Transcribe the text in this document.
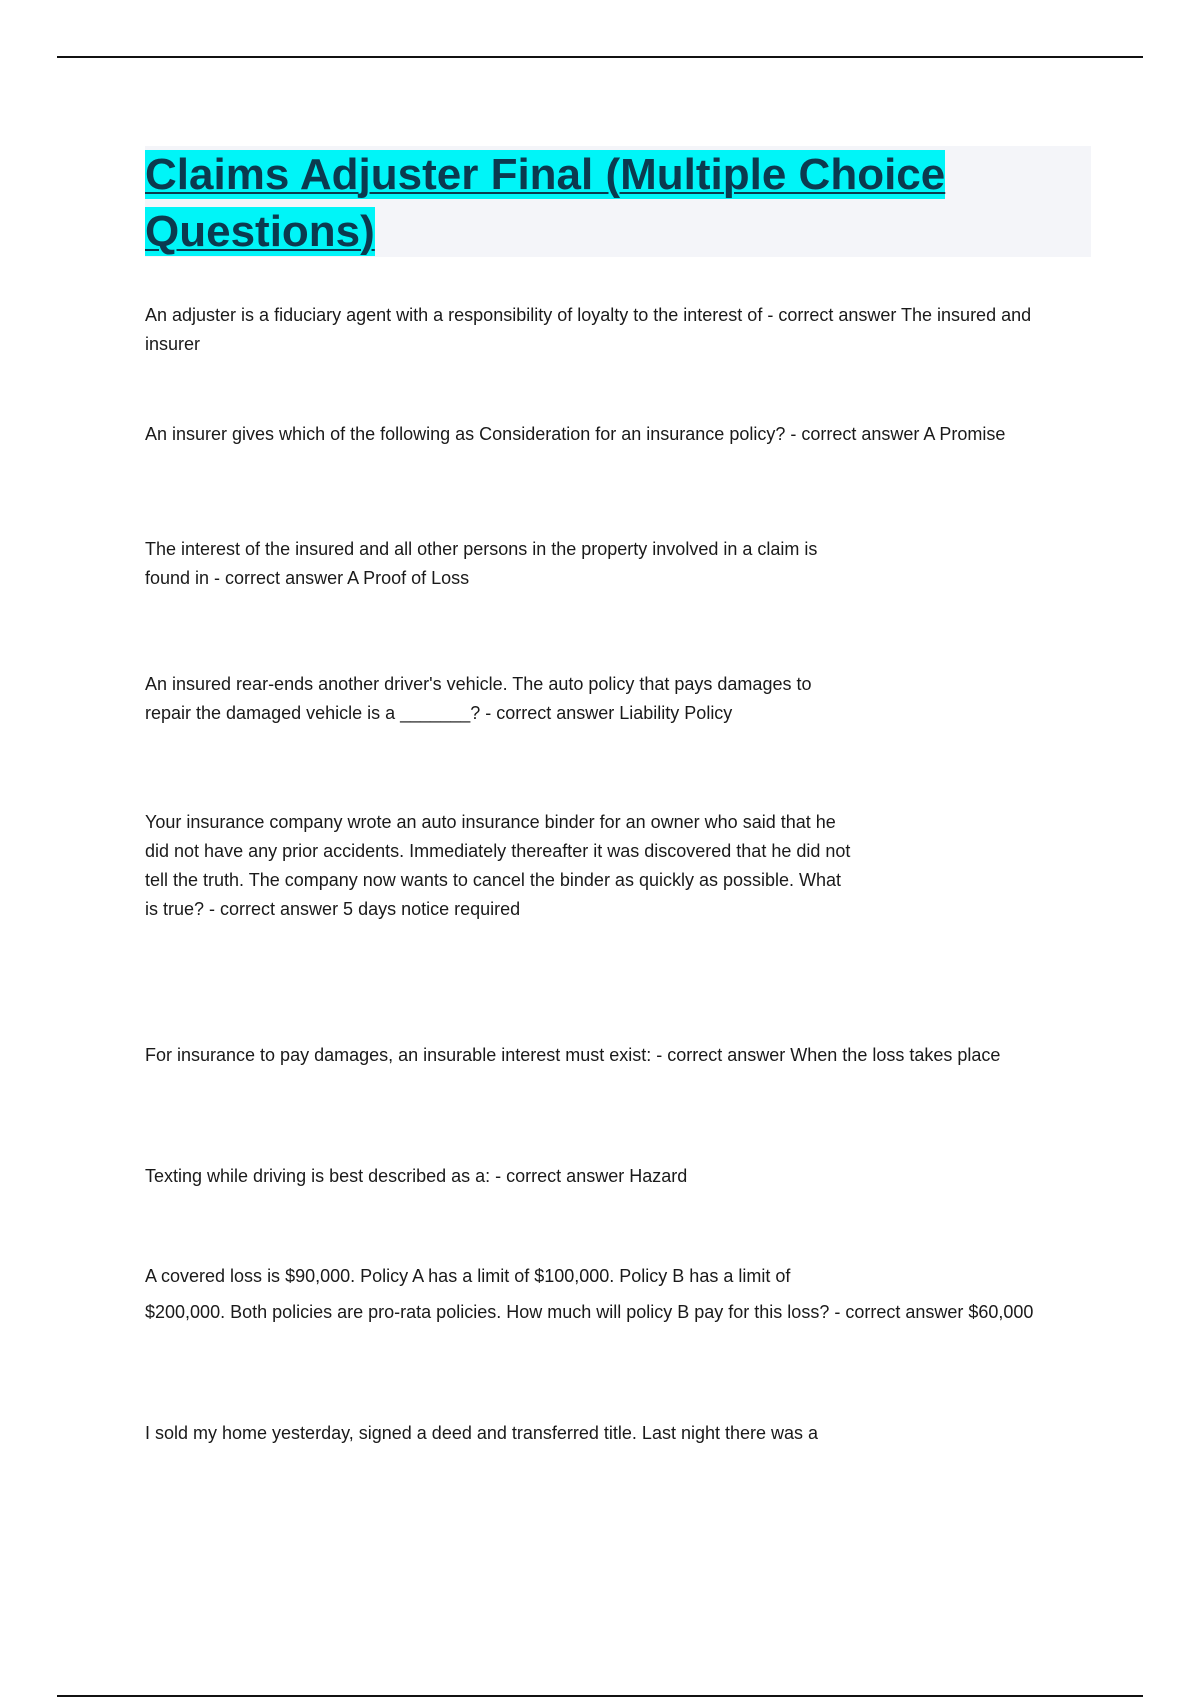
Claims Adjuster Final (Multiple Choice Questions)
An adjuster is a fiduciary agent with a responsibility of loyalty to the interest of - correct answer The insured and insurer
An insurer gives which of the following as Consideration for an insurance policy? - correct answer A Promise
The interest of the insured and all other persons in the property involved in a claim is
found in - correct answer A Proof of Loss
An insured rear-ends another driver's vehicle. The auto policy that pays damages to
repair the damaged vehicle is a _______? - correct answer Liability Policy
Your insurance company wrote an auto insurance binder for an owner who said that he
did not have any prior accidents. Immediately thereafter it was discovered that he did not
tell the truth. The company now wants to cancel the binder as quickly as possible. What
is true? - correct answer 5 days notice required
For insurance to pay damages, an insurable interest must exist: - correct answer When the loss takes place
Texting while driving is best described as a: - correct answer Hazard
A covered loss is $90,000. Policy A has a limit of $100,000. Policy B has a limit of
$200,000. Both policies are pro-rata policies. How much will policy B pay for this loss? - correct answer $60,000
I sold my home yesterday, signed a deed and transferred title. Last night there was a
